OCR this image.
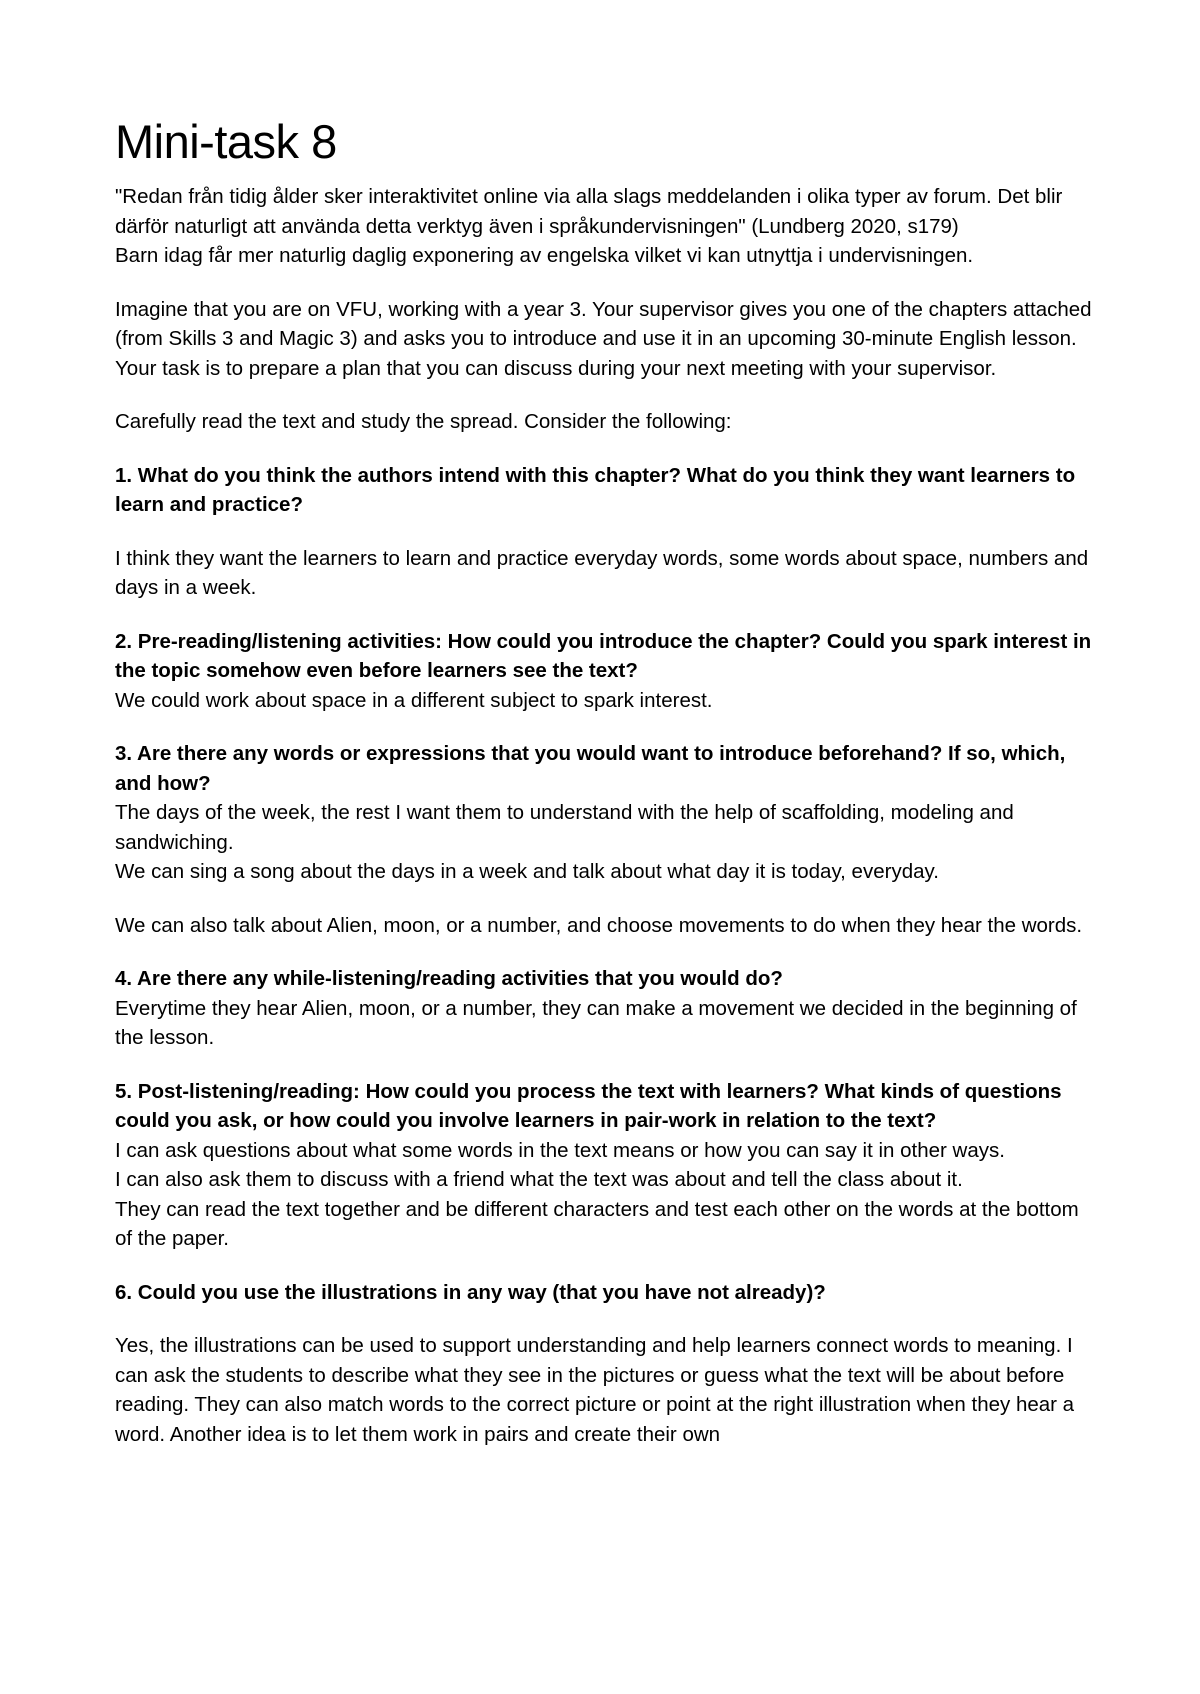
Mini-task 8

"Redan från tidig ålder sker interaktivitet online via alla slags meddelanden i olika typer av forum. Det blir därför naturligt att använda detta verktyg även i språkundervisningen" (Lundberg 2020, s179)

Barn idag får mer naturlig daglig exponering av engelska vilket vi kan utnyttja i undervisningen.

Imagine that you are on VFU, working with a year 3. Your supervisor gives you one of the chapters attached (from Skills 3 and Magic 3) and asks you to introduce and use it in an upcoming 30-minute English lesson. Your task is to prepare a plan that you can discuss during your next meeting with your supervisor.

Carefully read the text and study the spread. Consider the following:

1. What do you think the authors intend with this chapter? What do you think they want learners to learn and practice?

I think they want the learners to learn and practice everyday words, some words about space, numbers and days in a week.

2. Pre-reading/listening activities: How could you introduce the chapter? Could you spark interest in the topic somehow even before learners see the text?

We could work about space in a different subject to spark interest.

3. Are there any words or expressions that you would want to introduce beforehand? If so, which, and how?

The days of the week, the rest I want them to understand with the help of scaffolding, modeling and sandwiching.

We can sing a song about the days in a week and talk about what day it is today, everyday.

We can also talk about Alien, moon, or a number, and choose movements to do when they hear the words.

4. Are there any while-listening/reading activities that you would do?

Everytime they hear Alien, moon, or a number, they can make a movement we decided in the beginning of the lesson.

5. Post-listening/reading: How could you process the text with learners? What kinds of questions could you ask, or how could you involve learners in pair-work in relation to the text?

I can ask questions about what some words in the text means or how you can say it in other ways.

I can also ask them to discuss with a friend what the text was about and tell the class about it.

They can read the text together and be different characters and test each other on the words at the bottom of the paper.

6. Could you use the illustrations in any way (that you have not already)?

Yes, the illustrations can be used to support understanding and help learners connect words to meaning. I can ask the students to describe what they see in the pictures or guess what the text will be about before reading. They can also match words to the correct picture or point at the right illustration when they hear a word. Another idea is to let them work in pairs and create their own
